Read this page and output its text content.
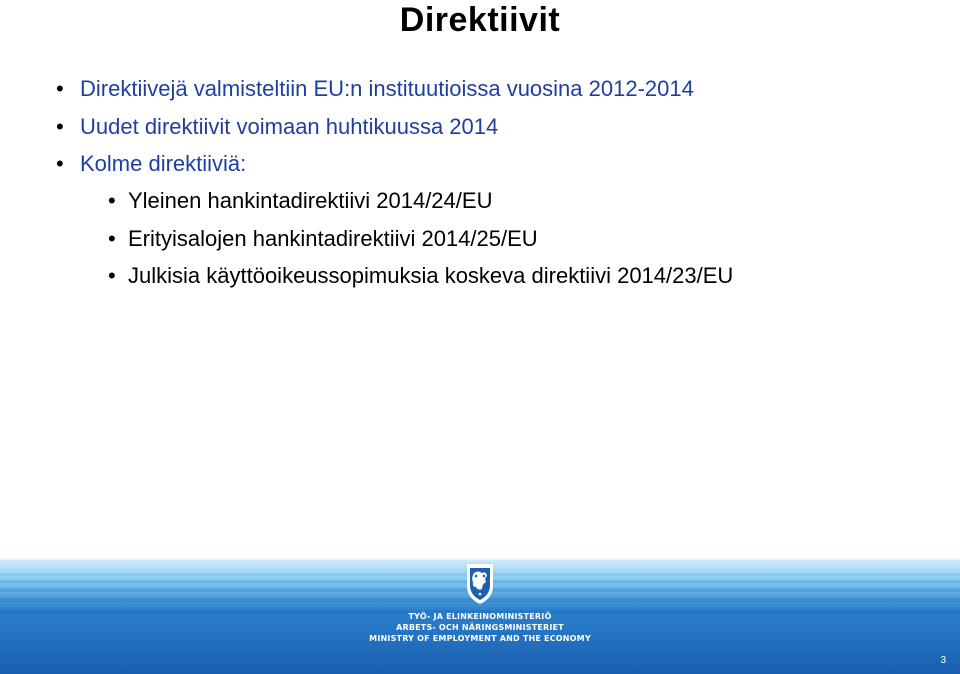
Direktiivit
• Direktiivejä valmisteltiin EU:n instituutioissa vuosina 2012-2014
• Uudet direktiivit voimaan huhtikuussa 2014
• Kolme direktiiviä:
• Yleinen hankintadirektiivi 2014/24/EU
• Erityisalojen hankintadirektiivi 2014/25/EU
• Julkisia käyttöoikeussopimuksia koskeva direktiivi 2014/23/EU
TYÖ- JA ELINKEINOMINISTERIÖ
ARBETS- OCH NÄRINGSMINISTERIET
MINISTRY OF EMPLOYMENT AND THE ECONOMY
3
